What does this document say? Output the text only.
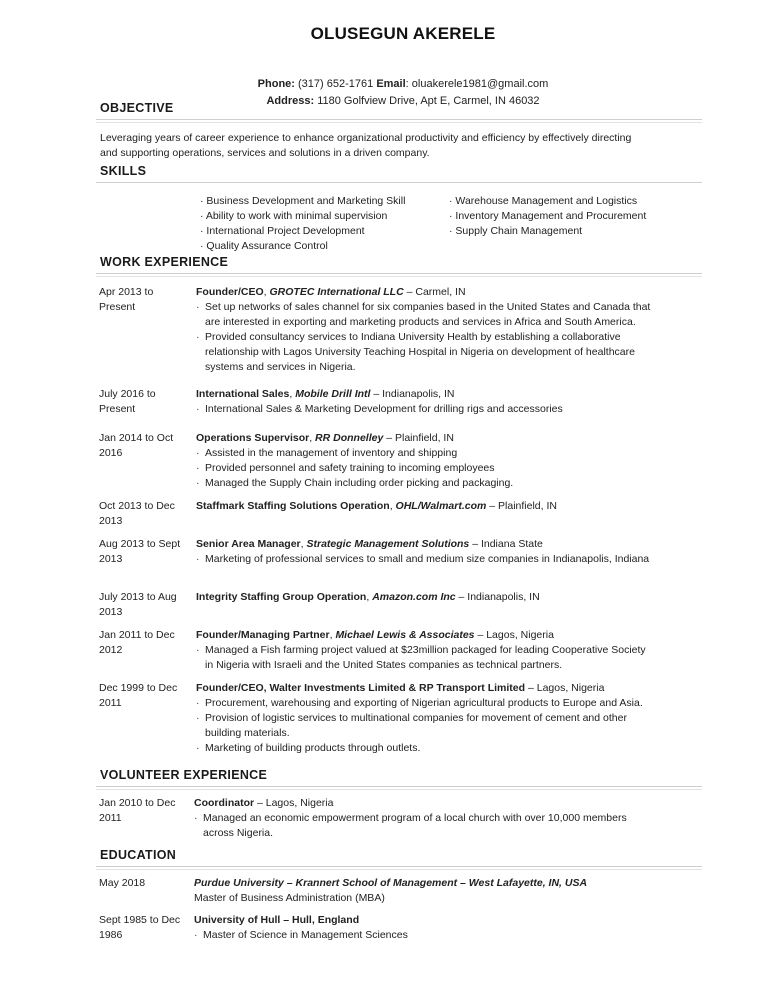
OLUSEGUN AKERELE
Phone: (317) 652-1761 Email: oluakerele1981@gmail.com
Address: 1180 Golfview Drive, Apt E, Carmel, IN 46032
OBJECTIVE
Leveraging years of career experience to enhance organizational productivity and efficiency by effectively directing
and supporting operations, services and solutions in a driven company.
SKILLS
· Business Development and Marketing Skill
· Ability to work with minimal supervision
· International Project Development
· Quality Assurance Control
· Warehouse Management and Logistics
· Inventory Management and Procurement
· Supply Chain Management
WORK EXPERIENCE
Apr 2013 to
Present
Founder/CEO, GROTEC International LLC – Carmel, IN
· Set up networks of sales channel for six companies based in the United States and Canada that
are interested in exporting and marketing products and services in Africa and South America.
· Provided consultancy services to Indiana University Health by establishing a collaborative
relationship with Lagos University Teaching Hospital in Nigeria on development of healthcare
systems and services in Nigeria.
July 2016 to
Present
International Sales, Mobile Drill Intl – Indianapolis, IN
· International Sales & Marketing Development for drilling rigs and accessories
Jan 2014 to Oct
2016
Operations Supervisor, RR Donnelley – Plainfield, IN
· Assisted in the management of inventory and shipping
· Provided personnel and safety training to incoming employees
· Managed the Supply Chain including order picking and packaging.
Oct 2013 to Dec
2013
Staffmark Staffing Solutions Operation, OHL/Walmart.com – Plainfield, IN
Aug 2013 to Sept
2013
Senior Area Manager, Strategic Management Solutions – Indiana State
· Marketing of professional services to small and medium size companies in Indianapolis, Indiana
July 2013 to Aug
2013
Integrity Staffing Group Operation, Amazon.com Inc – Indianapolis, IN
Jan 2011 to Dec
2012
Founder/Managing Partner, Michael Lewis & Associates – Lagos, Nigeria
· Managed a Fish farming project valued at $23million packaged for leading Cooperative Society
in Nigeria with Israeli and the United States companies as technical partners.
Dec 1999 to Dec
2011
Founder/CEO, Walter Investments Limited & RP Transport Limited – Lagos, Nigeria
· Procurement, warehousing and exporting of Nigerian agricultural products to Europe and Asia.
· Provision of logistic services to multinational companies for movement of cement and other
building materials.
· Marketing of building products through outlets.
VOLUNTEER EXPERIENCE
Jan 2010 to Dec
2011
Coordinator – Lagos, Nigeria
· Managed an economic empowerment program of a local church with over 10,000 members
across Nigeria.
EDUCATION
May 2018	Purdue University – Krannert School of Management – West Lafayette, IN, USA
Master of Business Administration (MBA)
Sept 1985 to Dec
1986
University of Hull – Hull, England
· Master of Science in Management Sciences
